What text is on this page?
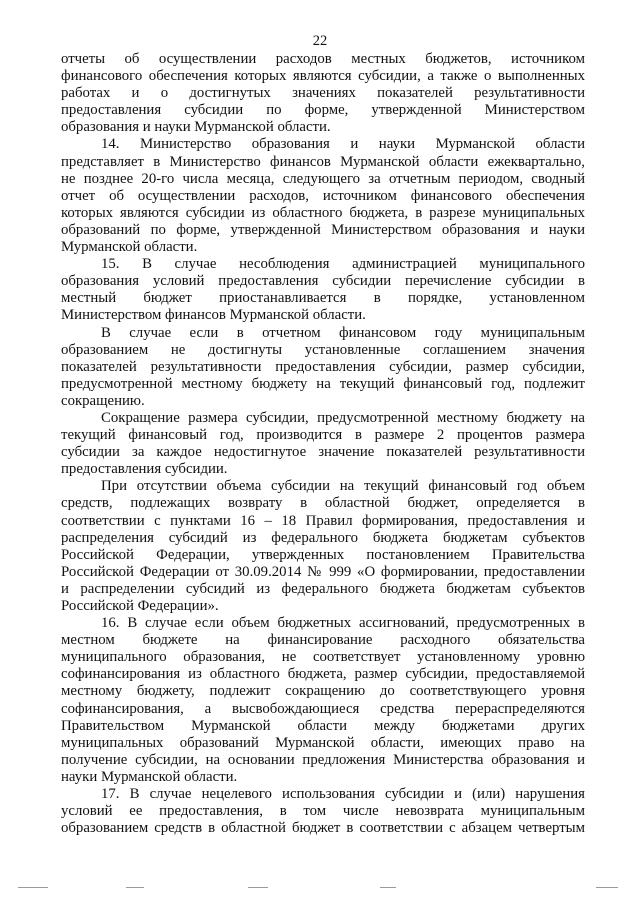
22

отчеты об осуществлении расходов местных бюджетов, источником

финансового обеспечения которых являются субсидии, а также о выполненных

работах и о достигнутых значениях показателей результативности

предоставления субсидии по форме, утвержденной Министерством

образования и науки Мурманской области.

14. Министерство образования и науки Мурманской области

представляет в Министерство финансов Мурманской области ежеквартально,

не позднее 20-го числа месяца, следующего за отчетным периодом, сводный

отчет об осуществлении расходов, источником финансового обеспечения

которых являются субсидии из областного бюджета, в разрезе муниципальных

образований по форме, утвержденной Министерством образования и науки

Мурманской области.

15. В случае несоблюдения администрацией муниципального

образования условий предоставления субсидии перечисление субсидии в

местный бюджет приостанавливается в порядке, установленном

Министерством финансов Мурманской области.

В случае если в отчетном финансовом году муниципальным

образованием не достигнуты установленные соглашением значения

показателей результативности предоставления субсидии, размер субсидии,

предусмотренной местному бюджету на текущий финансовый год, подлежит

сокращению.

Сокращение размера субсидии, предусмотренной местному бюджету на

текущий финансовый год, производится в размере 2 процентов размера

субсидии за каждое недостигнутое значение показателей результативности

предоставления субсидии.

При отсутствии объема субсидии на текущий финансовый год объем

средств, подлежащих возврату в областной бюджет, определяется в

соответствии с пунктами 16 – 18 Правил формирования, предоставления и

распределения субсидий из федерального бюджета бюджетам субъектов

Российской Федерации, утвержденных постановлением Правительства

Российской Федерации от 30.09.2014 № 999 «О формировании, предоставлении

и распределении субсидий из федерального бюджета бюджетам субъектов

Российской Федерации».

16. В случае если объем бюджетных ассигнований, предусмотренных в

местном бюджете на финансирование расходного обязательства

муниципального образования, не соответствует установленному уровню

софинансирования из областного бюджета, размер субсидии, предоставляемой

местному бюджету, подлежит сокращению до соответствующего уровня

софинансирования, а высвобождающиеся средства перераспределяются

Правительством Мурманской области между бюджетами других

муниципальных образований Мурманской области, имеющих право на

получение субсидии, на основании предложения Министерства образования и

науки Мурманской области.

17. В случае нецелевого использования субсидии и (или) нарушения

условий ее предоставления, в том числе невозврата муниципальным

образованием средств в областной бюджет в соответствии с абзацем четвертым
